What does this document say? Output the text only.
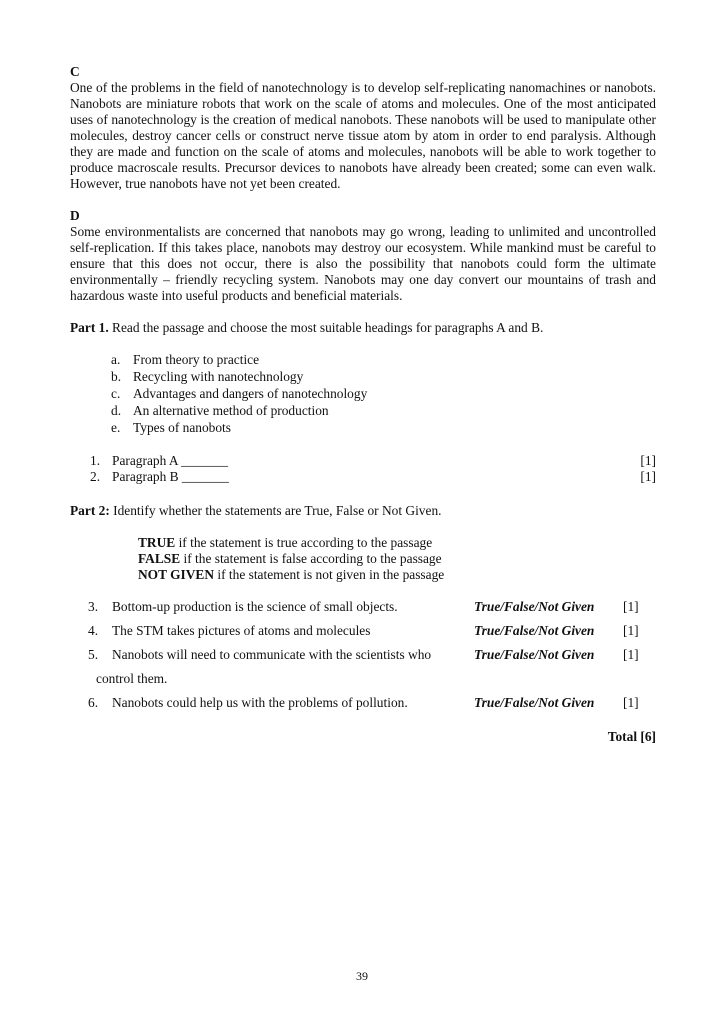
C

One of the problems in the field of nanotechnology is to develop self-replicating nanomachines or nanobots. Nanobots are miniature robots that work on the scale of atoms and molecules. One of the most anticipated uses of nanotechnology is the creation of medical nanobots. These nanobots will be used to manipulate other molecules, destroy cancer cells or construct nerve tissue atom by atom in order to end paralysis. Although they are made and function on the scale of atoms and molecules, nanobots will be able to work together to produce macroscale results. Precursor devices to nanobots have already been created; some can even walk. However, true nanobots have not yet been created.

D

Some environmentalists are concerned that nanobots may go wrong, leading to unlimited and uncontrolled self-replication. If this takes place, nanobots may destroy our ecosystem. While mankind must be careful to ensure that this does not occur, there is also the possibility that nanobots could form the ultimate environmentally – friendly recycling system. Nanobots may one day convert our mountains of trash and hazardous waste into useful products and beneficial materials.

Part 1. Read the passage and choose the most suitable headings for paragraphs A and B.

a. From theory to practice
b. Recycling with nanotechnology
c. Advantages and dangers of nanotechnology
d. An alternative method of production
e. Types of nanobots
1. Paragraph A _______	[1]
2. Paragraph B _______	[1]

Part 2: Identify whether the statements are True, False or Not Given.

TRUE if the statement is true according to the passage
FALSE if the statement is false according to the passage
NOT GIVEN if the statement is not given in the passage
3. Bottom-up production is the science of small objects.	True/False/Not Given [1]
4. The STM takes pictures of atoms and molecules	True/False/Not Given [1]
5. Nanobots will need to communicate with the scientists who	True/False/Not Given [1]
control them.
6. Nanobots could help us with the problems of pollution.	True/False/Not Given [1]
Total [6]
39
